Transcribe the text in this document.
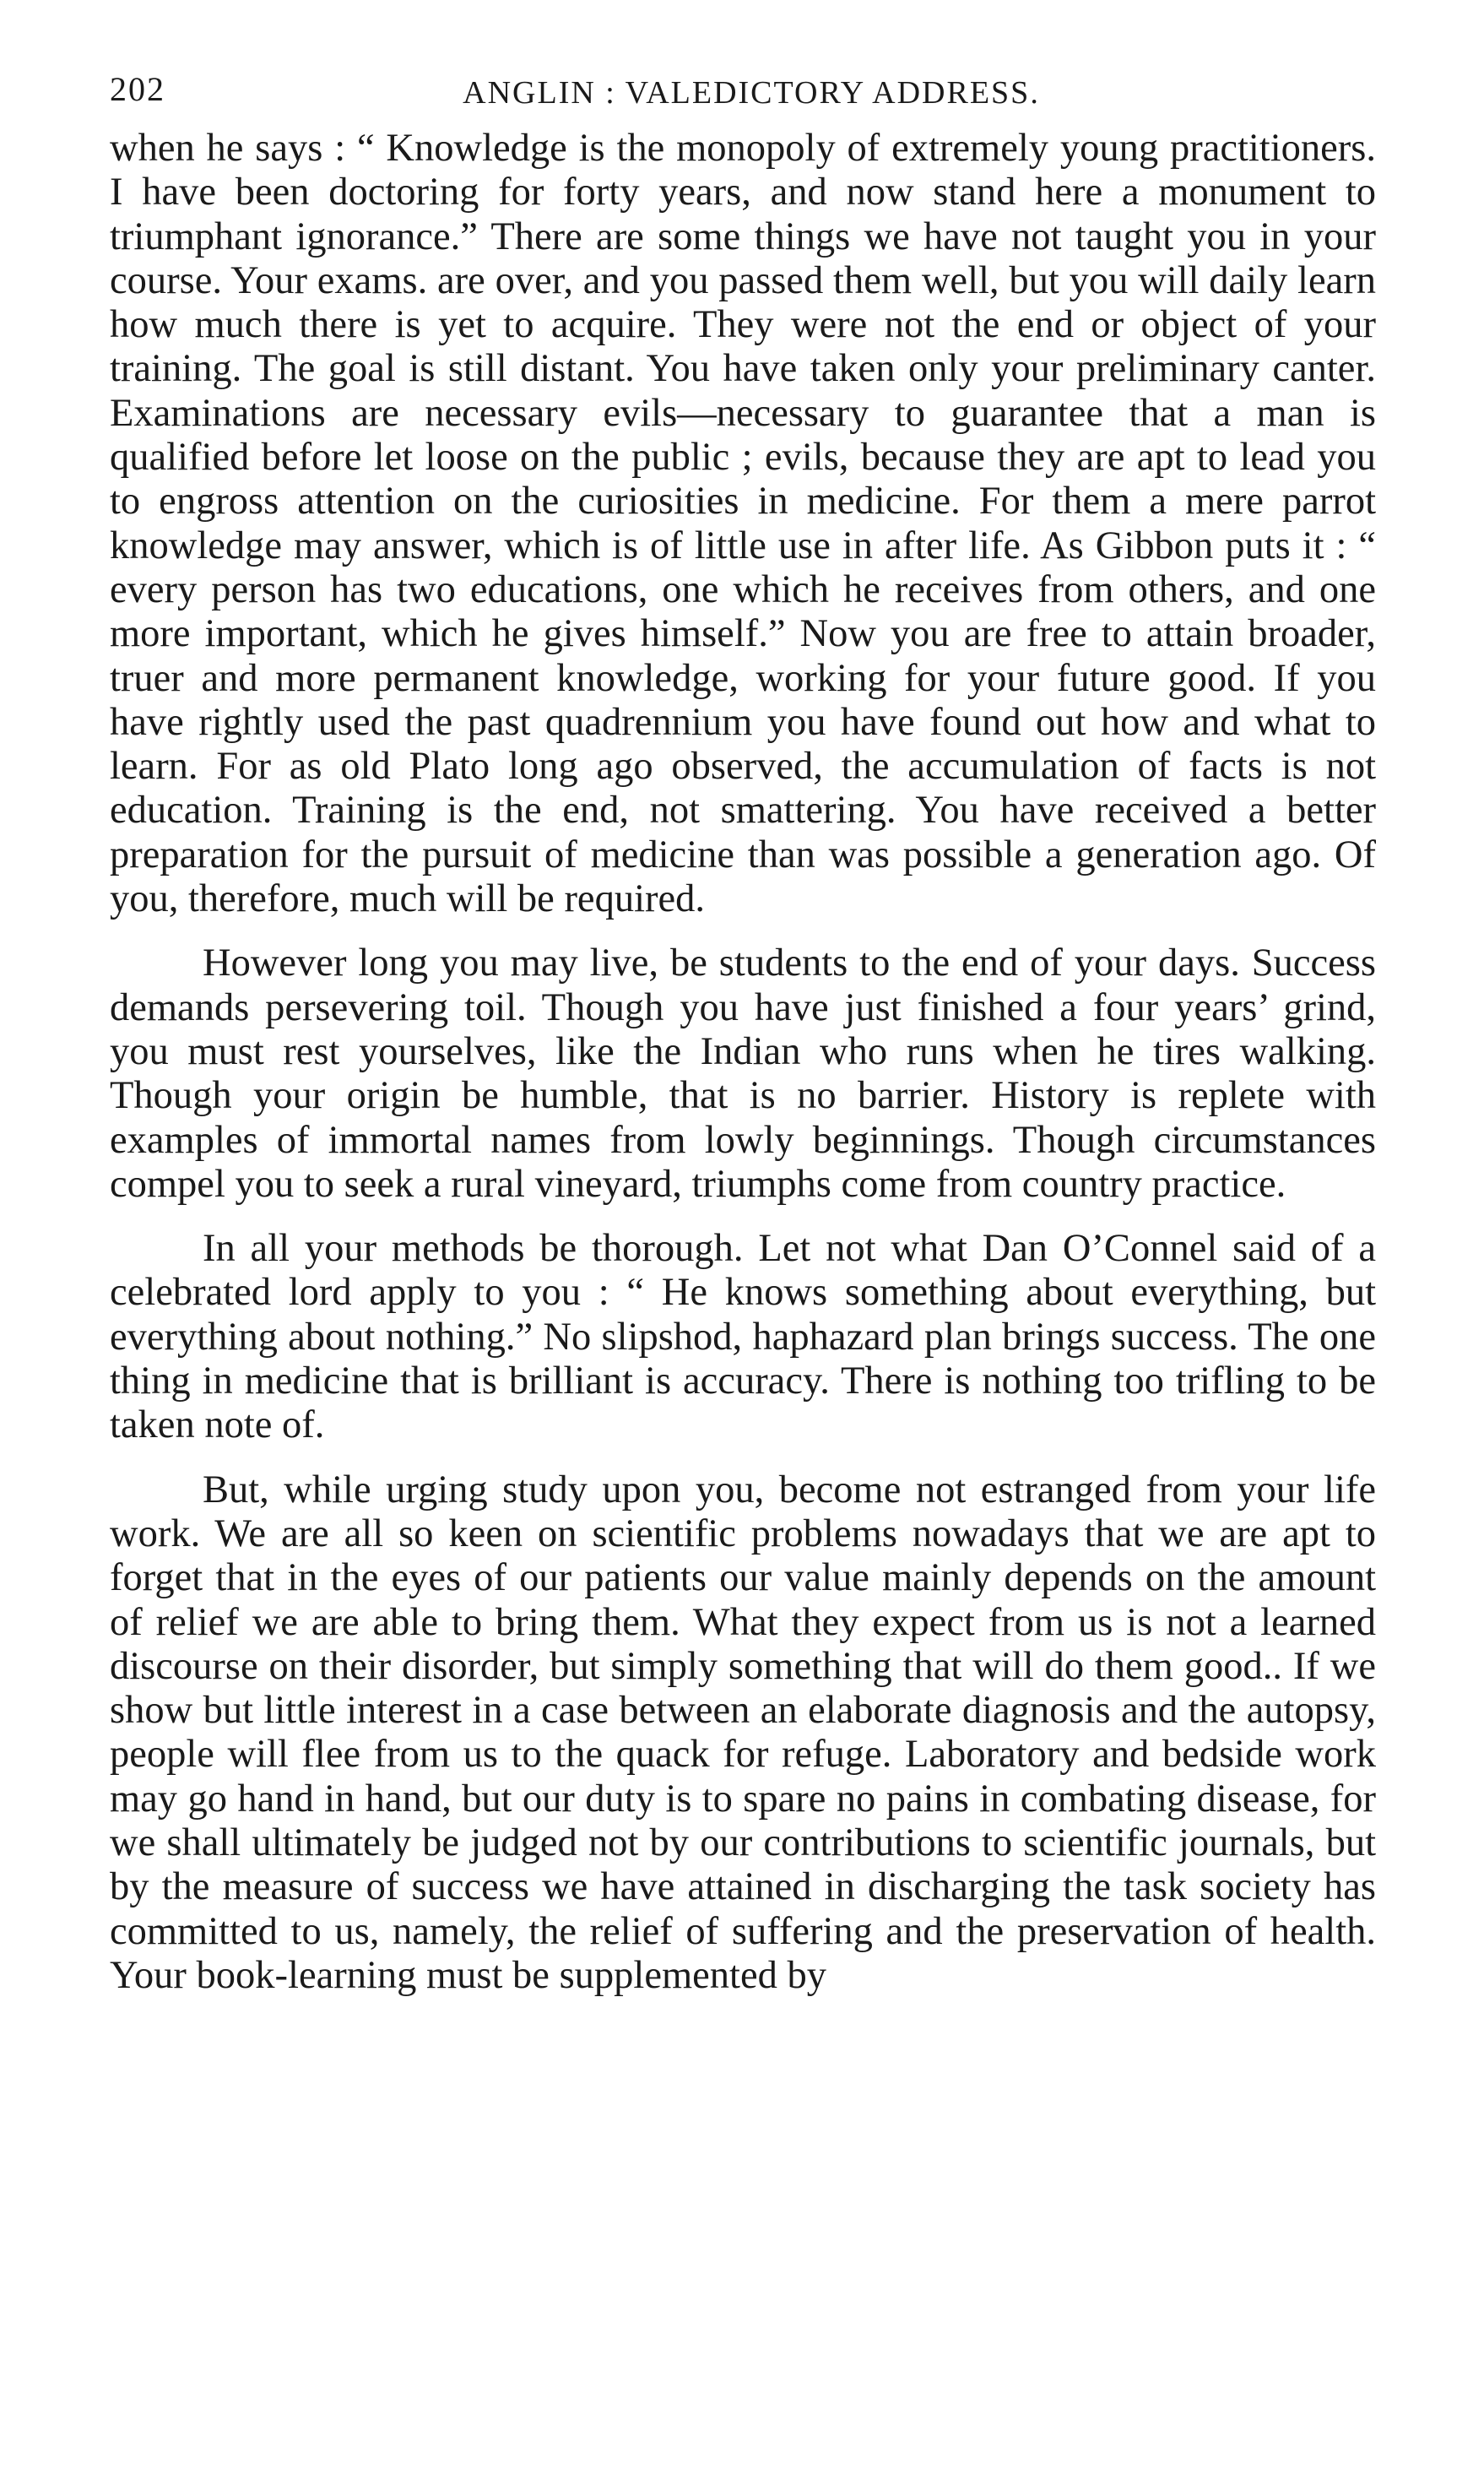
202	ANGLIN : VALEDICTORY ADDRESS.

when he says : “ Knowledge is the monopoly of extremely young practitioners. I have been doctoring for forty years, and now stand here a monument to triumphant ignorance.” There are some things we have not taught you in your course. Your exams. are over, and you passed them well, but you will daily learn how much there is yet to acquire. They were not the end or object of your training. The goal is still distant. You have taken only your preliminary canter. Examinations are necessary evils—necessary to guarantee that a man is qualified before let loose on the public ; evils, because they are apt to lead you to engross attention on the curiosities in medicine. For them a mere parrot knowledge may answer, which is of little use in after life. As Gibbon puts it : “ every person has two educations, one which he receives from others, and one more important, which he gives himself.” Now you are free to attain broader, truer and more permanent knowledge, working for your future good. If you have rightly used the past quadrennium you have found out how and what to learn. For as old Plato long ago observed, the accumulation of facts is not education. Training is the end, not smattering. You have received a better preparation for the pursuit of medicine than was possible a generation ago. Of you, therefore, much will be required.

However long you may live, be students to the end of your days. Success demands persevering toil. Though you have just finished a four years’ grind, you must rest yourselves, like the Indian who runs when he tires walking. Though your origin be humble, that is no barrier. History is replete with examples of immortal names from lowly beginnings. Though circumstances compel you to seek a rural vineyard, triumphs come from country practice.

In all your methods be thorough. Let not what Dan O’Connel said of a celebrated lord apply to you : “ He knows something about everything, but everything about nothing.” No slipshod, haphazard plan brings success. The one thing in medicine that is brilliant is accuracy. There is nothing too trifling to be taken note of.

But, while urging study upon you, become not estranged from your life work. We are all so keen on scientific problems nowadays that we are apt to forget that in the eyes of our patients our value mainly depends on the amount of relief we are able to bring them. What they expect from us is not a learned discourse on their disorder, but simply something that will do them good.. If we show but little interest in a case between an elaborate diagnosis and the autopsy, people will flee from us to the quack for refuge. Laboratory and bedside work may go hand in hand, but our duty is to spare no pains in combating disease, for we shall ultimately be judged not by our contributions to scientific journals, but by the measure of success we have attained in discharging the task society has committed to us, namely, the relief of suffering and the preservation of health. Your book-learning must be supplemented by
